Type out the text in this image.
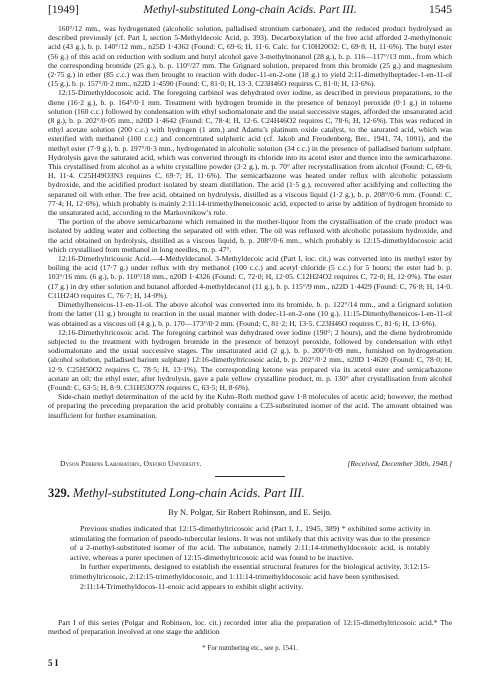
[1949]	Methyl-substituted Long-chain Acids. Part III.	1545

160°/12 mm., was hydrogenated (alcoholic solution, palladised strontium carbonate), and the reduced product hydrolysed as described previously (cf. Part I, section 5-Methyldecoic Acid, p. 393). Decarboxylation of the free acid afforded 2-methylnonoic acid (43 g.), b. p. 140°/12 mm., n25D 1·4362 (Found: C, 69·6; H, 11·6. Calc. for C10H20O2: C, 69·8; H, 11·6%). The butyl ester (56 g.) of this acid on reduction with sodium and butyl alcohol gave 3-methylnonanol (28 g.), b. p. 116—117°/13 mm., from which the corresponding bromide (25 g.), b. p. 110°/27 mm. The Grignard solution, prepared from this bromide (25 g.) and magnesium (2·75 g.) in ether (85 c.c.) was then brought to reaction with dodec-11-en-2-one (18 g.) to yield 2:11-dimethylheptadec-1-en-11-ol (15 g.), b. p. 157°/0·2 mm., n22D 1·4590 (Found: C, 81·0; H, 13·3. C23H46O requires C, 81·0; H, 13·6%).

12:15-Dimethyldocosoic acid. The foregoing carbinol was dehydrated over iodine, as described in previous preparations, to the diene (16·2 g.), b. p. 164°/0·1 mm. Treatment with hydrogen bromide in the presence of benzoyl peroxide (0·1 g.) in toluene solution (160 c.c.) followed by condensation with ethyl sodiomalonate and the usual successive stages, afforded the unsaturated acid (8 g.), b. p. 202°/0·05 mm., n20D 1·4642 (Found: C, 78·4; H, 12·6. C24H46O2 requires C, 78·6; H, 12·6%). This was reduced in ethyl acetate solution (200 c.c.) with hydrogen (1 atm.) and Adams’s platinum oxide catalyst, to the saturated acid, which was esterified with methanol (100 c.c.) and concentrated sulphuric acid (cf. Jakob and Freudenberg, Ber., 1941, 74, 1001), and the methyl ester (7·9 g.), b. p. 197°/0·3 mm., hydrogenated in alcoholic solution (34 c.c.) in the presence of palladised barium sulphate. Hydrolysis gave the saturated acid, which was converted through its chloride into its acetol ester and thence into the semicarbazone. This crystallised from alcohol as a white crystalline powder (3·2 g.), m. p. 70° after recrystallisation from alcohol (Found: C, 69·6; H, 11·4. C25H49O3N3 requires C, 69·7; H, 11·6%). The semicarbazone was heated under reflux with alcoholic potassium hydroxide, and the acidified product isolated by steam distillation. The acid (1·5 g.), recovered after acidifying and collecting the separated oil with ether. The free acid, obtained on hydrolysis, distilled as a viscous liquid (1·2 g.), b. p. 208°/0·6 mm. (Found: C, 77·4; H, 12·6%), which probably is mainly 2:11:14-trimethylheneicosoic acid, expected to arise by addition of hydrogen bromide to the unsaturated acid, according to the Markovnikow’s rule.

The portion of the above semicarbazone which remained in the mother-liquor from the crystallisation of the crude product was isolated by adding water and collecting the separated oil with ether. The oil was refluxed with alcoholic potassium hydroxide, and the acid obtained on hydrolysis, distilled as a viscous liquid, b. p. 208°/0·6 mm., which probably is 12:15-dimethyldocosoic acid which crystallised from methanol in long needles, m. p. 47°.

12:16-Dimethyltricosoic Acid.—4-Methyldecanol. 3-Methyldecoic acid (Part I, loc. cit.) was converted into its methyl ester by boiling the acid (17·7 g.) under reflux with dry methanol (100 c.c.) and acetyl chloride (5 c.c.) for 5 hours; the ester had b. p. 103°/16 mm. (6 g.), b. p. 110°/18 mm., n20D 1·4326 (Found: C, 72·0; H, 12·05. C12H24O2 requires C, 72·0; H, 12·0%). The ester (17 g.) in dry ether solution and butanol afforded 4-methyldecanol (11 g.), b. p. 115°/9 mm., n22D 1·4429 (Found: C, 76·8; H, 14·0. C11H24O requires C, 76·7; H, 14·0%).

Dimethylheneicos-11-en-11-ol. The above alcohol was converted into its bromide, b. p. 122°/14 mm., and a Grignard solution from the latter (11 g.) brought to reaction in the usual manner with dodec-11-en-2-one (10 g.). 11:15-Dimethylheneicos-1-en-11-ol was obtained as a viscous oil (4 g.), b. p. 170—173°/0·2 mm. (Found: C, 81·2; H, 13·5. C23H46O requires C, 81·6; H, 13·6%).

12:16-Dimethyltricosoic acid. The foregoing carbinol was dehydrated over iodine (190°; 2 hours), and the diene hydrobromide subjected to the treatment with hydrogen bromide in the presence of benzoyl peroxide, followed by condensation with ethyl sodiomalonate and the usual successive stages. The unsaturated acid (2 g.), b. p. 200°/0·09 mm., furnished on hydrogenation (alcohol solution, palladised barium sulphate) 12:16-dimethyltricosoic acid, b. p. 202°/0·2 mm., n20D 1·4620 (Found: C, 78·0; H, 12·9. C25H50O2 requires C, 78·5; H, 13·1%). The corresponding ketone was prepared via its acetol ester and semicarbazone acetate an oil; the ethyl ester, after hydrolysis, gave a pale yellow crystalline product, m. p. 130° after crystallisation from alcohol (Found: C, 63·5; H, 8·9. C31H53O7N requires C, 63·5; H, 8·6%).

Side-chain methyl determination of the acid by the Kuhn–Roth method gave 1·8 molecules of acetic acid; however, the method of preparing the preceding preparation the acid probably contains a C23-substituted isomer of the acid. The amount obtained was insufficient for further examination.

Dyson Perrins Laboratory, Oxford University.	[Received, December 30th, 1948.]
329. Methyl-substituted Long-chain Acids. Part III.
By N. Polgar, Sir Robert Robinson, and E. Seijo.

Previous studies indicated that 12:15-dimethyltricosoic acid (Part I, J., 1945, 389) * exhibited some activity in stimulating the formation of pseudo-tubercular lesions. It was not unlikely that this activity was due to the presence of a 2-methyl-substituted isomer of the acid. The substance, namely 2:11:14-trimethyldocosoic acid, is notably active, whereas a purer specimen of 12:15-dimethyltricosoic acid was found to be inactive.

In further experiments, designed to establish the essential structural features for the biological activity, 3:12:15-trimethyltricosoic, 2:12:15-trimethyldocosoic, and 1:11:14-trimethyldocosoic acid have been synthesised.

2:11:14-Trimethyldocos-11-enoic acid appears to exhibit slight activity.

Part I of this series (Polgar and Robinson, loc. cit.) recorded inter alia the preparation of 12:15-dimethyltricosoic acid.* The method of preparation involved at one stage the addition

* For numbering etc., see p. 1541.
5 I
